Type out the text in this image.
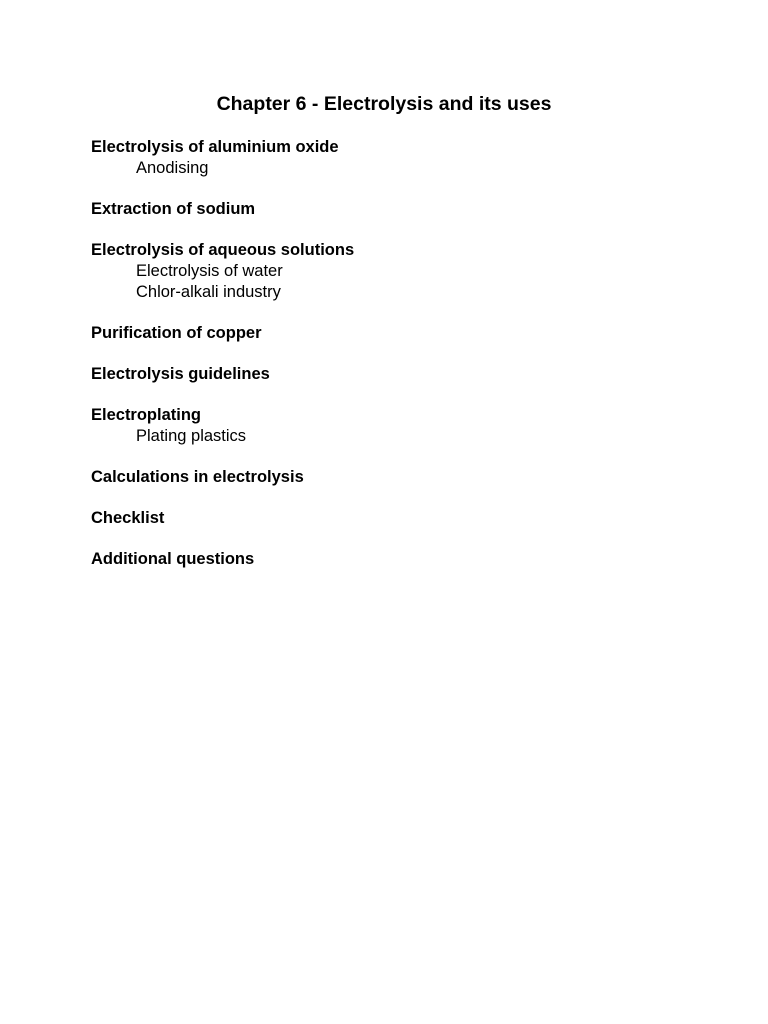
Chapter 6 - Electrolysis and its uses
Electrolysis of aluminium oxide
Anodising
Extraction of sodium
Electrolysis of aqueous solutions
Electrolysis of water
Chlor-alkali industry
Purification of copper
Electrolysis guidelines
Electroplating
Plating plastics
Calculations in electrolysis
Checklist
Additional questions
